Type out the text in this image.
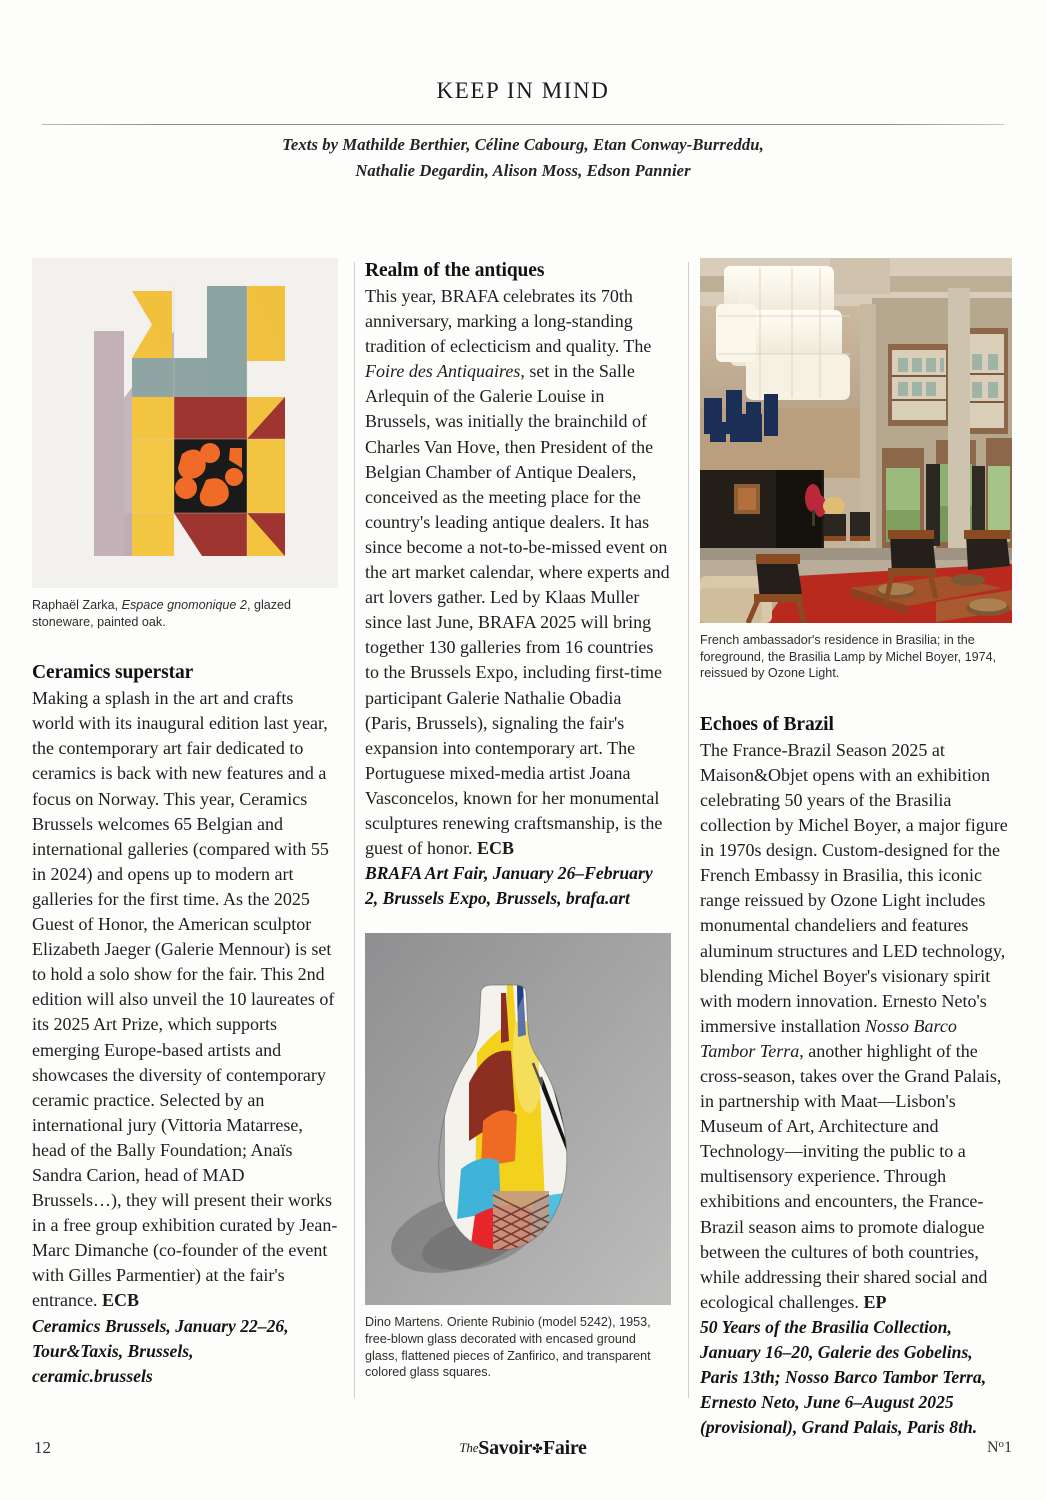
KEEP IN MIND
Texts by Mathilde Berthier, Céline Cabourg, Etan Conway-Burreddu,
Nathalie Degardin, Alison Moss, Edson Pannier

Raphaël Zarka, Espace gnomonique 2, glazed stoneware, painted oak.

Ceramics superstar

Making a splash in the art and crafts world with its inaugural edition last year, the contemporary art fair dedicated to ceramics is back with new features and a focus on Norway. This year, Ceramics Brussels welcomes 65 Belgian and international galleries (compared with 55 in 2024) and opens up to modern art galleries for the first time. As the 2025 Guest of Honor, the American sculptor Elizabeth Jaeger (Galerie Mennour) is set to hold a solo show for the fair. This 2nd edition will also unveil the 10 laureates of its 2025 Art Prize, which supports emerging Europe-based artists and showcases the diversity of contemporary ceramic practice. Selected by an international jury (Vittoria Matarrese, head of the Bally Foundation; Anaïs Sandra Carion, head of MAD Brussels…), they will present their works in a free group exhibition curated by Jean-Marc Dimanche (co-founder of the event with Gilles Parmentier) at the fair's entrance. ECB

Ceramics Brussels, January 22–26,

Tour&Taxis, Brussels,

ceramic.brussels

Realm of the antiques

This year, BRAFA celebrates its 70th anniversary, marking a long-standing tradition of eclecticism and quality. The Foire des Antiquaires, set in the Salle Arlequin of the Galerie Louise in Brussels, was initially the brainchild of Charles Van Hove, then President of the Belgian Chamber of Antique Dealers, conceived as the meeting place for the country's leading antique dealers. It has since become a not-to-be-missed event on the art market calendar, where experts and art lovers gather. Led by Klaas Muller since last June, BRAFA 2025 will bring together 130 galleries from 16 countries to the Brussels Expo, including first-time participant Galerie Nathalie Obadia (Paris, Brussels), signaling the fair's expansion into contemporary art. The Portuguese mixed-media artist Joana Vasconcelos, known for her monumental sculptures renewing craftsmanship, is the guest of honor. ECB

BRAFA Art Fair, January 26–February

2, Brussels Expo, Brussels, brafa.art

Dino Martens. Oriente Rubinio (model 5242), 1953, free-blown glass decorated with encased ground glass, flattened pieces of Zanfirico, and transparent colored glass squares.

French ambassador's residence in Brasilia; in the foreground, the Brasilia Lamp by Michel Boyer, 1974, reissued by Ozone Light.

Echoes of Brazil

The France-Brazil Season 2025 at Maison&Objet opens with an exhibition celebrating 50 years of the Brasilia collection by Michel Boyer, a major figure in 1970s design. Custom-designed for the French Embassy in Brasilia, this iconic range reissued by Ozone Light includes monumental chandeliers and features aluminum structures and LED technology, blending Michel Boyer's visionary spirit with modern innovation. Ernesto Neto's immersive installation Nosso Barco Tambor Terra, another highlight of the cross-season, takes over the Grand Palais, in partnership with Maat—Lisbon's Museum of Art, Architecture and Technology—inviting the public to a multisensory experience. Through exhibitions and encounters, the France-Brazil season aims to promote dialogue between the cultures of both countries, while addressing their shared social and ecological challenges. EP

50 Years of the Brasilia Collection,

January 16–20, Galerie des Gobelins,

Paris 13th; Nosso Barco Tambor Terra,

Ernesto Neto, June 6–August 2025

(provisional), Grand Palais, Paris 8th.

12	TheSavoir✤Faire	$N^o1$
